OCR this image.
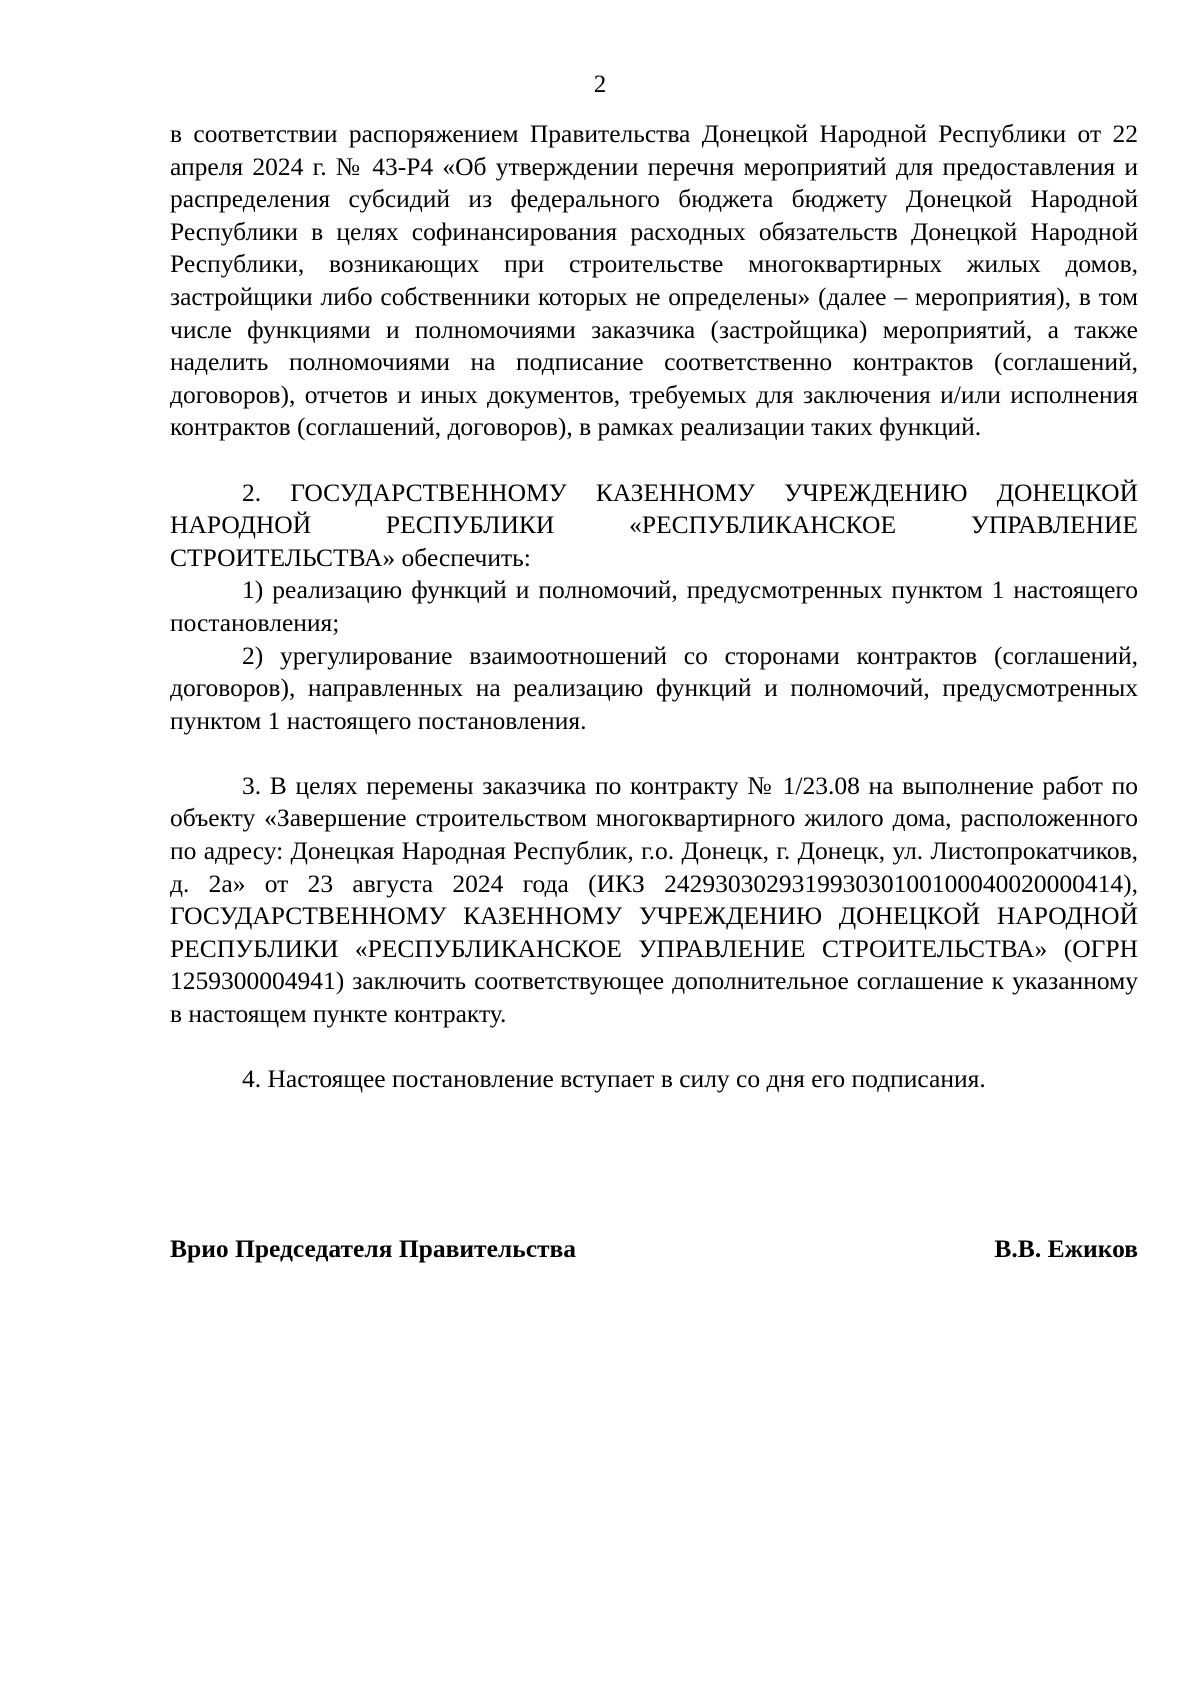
2

в соответствии распоряжением Правительства Донецкой Народной Республики от 22 апреля 2024 г. № 43-Р4 «Об утверждении перечня мероприятий для предоставления и распределения субсидий из федерального бюджета бюджету Донецкой Народной Республики в целях софинансирования расходных обязательств Донецкой Народной Республики, возникающих при строительстве многоквартирных жилых домов, застройщики либо собственники которых не определены» (далее – мероприятия), в том числе функциями и полномочиями заказчика (застройщика) мероприятий, а также наделить полномочиями на подписание соответственно контрактов (соглашений, договоров), отчетов и иных документов, требуемых для заключения и/или исполнения контрактов (соглашений, договоров), в рамках реализации таких функций.

2. ГОСУДАРСТВЕННОМУ КАЗЕННОМУ УЧРЕЖДЕНИЮ ДОНЕЦКОЙ НАРОДНОЙ РЕСПУБЛИКИ «РЕСПУБЛИКАНСКОЕ УПРАВЛЕНИЕ СТРОИТЕЛЬСТВА» обеспечить:

1) реализацию функций и полномочий, предусмотренных пунктом 1 настоящего постановления;

2) урегулирование взаимоотношений со сторонами контрактов (соглашений, договоров), направленных на реализацию функций и полномочий, предусмотренных пунктом 1 настоящего постановления.

3. В целях перемены заказчика по контракту № 1/23.08 на выполнение работ по объекту «Завершение строительством многоквартирного жилого дома, расположенного по адресу: Донецкая Народная Республик, г.о. Донецк, г. Донецк, ул. Листопрокатчиков, д. 2а» от 23 августа 2024 года (ИКЗ 242930302931993030100100040020000414), ГОСУДАРСТВЕННОМУ КАЗЕННОМУ УЧРЕЖДЕНИЮ ДОНЕЦКОЙ НАРОДНОЙ РЕСПУБЛИКИ «РЕСПУБЛИКАНСКОЕ УПРАВЛЕНИЕ СТРОИТЕЛЬСТВА» (ОГРН 1259300004941) заключить соответствующее дополнительное соглашение к указанному в настоящем пункте контракту.

4. Настоящее постановление вступает в силу со дня его подписания.

Врио Председателя Правительства	В.В. Ежиков
